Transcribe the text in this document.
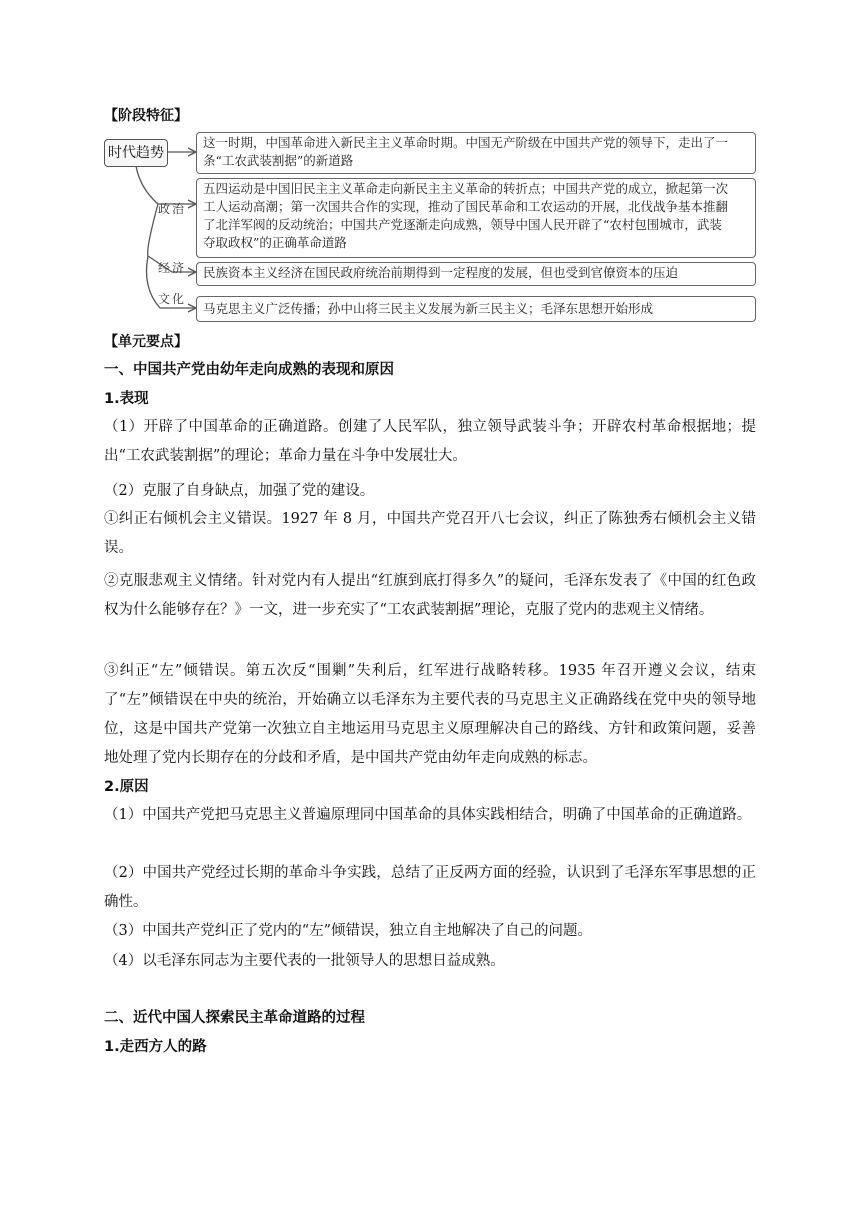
【阶段特征】
时代趋势
这一时期，中国革命进入新民主主义革命时期。中国无产阶级在中国共产党的领导下，走出了一
条“工农武装割据”的新道路
政治
五四运动是中国旧民主主义革命走向新民主主义革命的转折点；中国共产党的成立，掀起第一次
工人运动高潮；第一次国共合作的实现，推动了国民革命和工农运动的开展，北伐战争基本推翻
了北洋军阀的反动统治；中国共产党逐渐走向成熟，领导中国人民开辟了“农村包围城市，武装
夺取政权”的正确革命道路
经济 民族资本主义经济在国民政府统治前期得到一定程度的发展，但也受到官僚资本的压迫
文化
马克思主义广泛传播；孙中山将三民主义发展为新三民主义；毛泽东思想开始形成
【单元要点】
一、中国共产党由幼年走向成熟的表现和原因
1.表现
（1）开辟了中国革命的正确道路。创建了人民军队，独立领导武装斗争；开辟农村革命根据地；提出“工农武装割据”的理论；革命力量在斗争中发展壮大。
（2）克服了自身缺点，加强了党的建设。
①纠正右倾机会主义错误。1927 年 8 月，中国共产党召开八七会议，纠正了陈独秀右倾机会主义错误。
②克服悲观主义情绪。针对党内有人提出“红旗到底打得多久”的疑问，毛泽东发表了《中国的红色政权为什么能够存在？》一文，进一步充实了“工农武装割据”理论，克服了党内的悲观主义情绪。
③纠正“左”倾错误。第五次反“围剿”失利后，红军进行战略转移。1935 年召开遵义会议，结束了“左”倾错误在中央的统治，开始确立以毛泽东为主要代表的马克思主义正确路线在党中央的领导地位，这是中国共产党第一次独立自主地运用马克思主义原理解决自己的路线、方针和政策问题，妥善地处理了党内长期存在的分歧和矛盾，是中国共产党由幼年走向成熟的标志。
2.原因
（1）中国共产党把马克思主义普遍原理同中国革命的具体实践相结合，明确了中国革命的正确道路。
（2）中国共产党经过长期的革命斗争实践，总结了正反两方面的经验，认识到了毛泽东军事思想的正确性。
（3）中国共产党纠正了党内的“左”倾错误，独立自主地解决了自己的问题。
（4）以毛泽东同志为主要代表的一批领导人的思想日益成熟。
二、近代中国人探索民主革命道路的过程
1.走西方人的路
